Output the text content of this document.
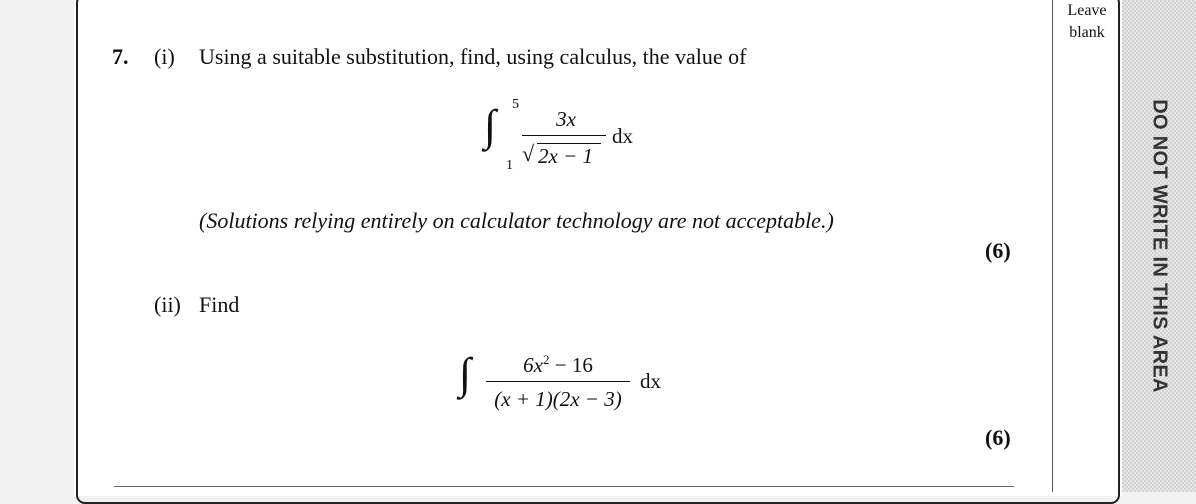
Leave
blank
DO NOT WRITE IN THIS AREA
7. (i) Using a suitable substitution, find, using calculus, the value of
∫ 5
1
3x
√ 2x − 1
dx
(Solutions relying entirely on calculator technology are not acceptable.)
(6)
(ii) Find
∫	$6x^2 - 16$
(x + 1)(2x − 3)
dx
(6)
